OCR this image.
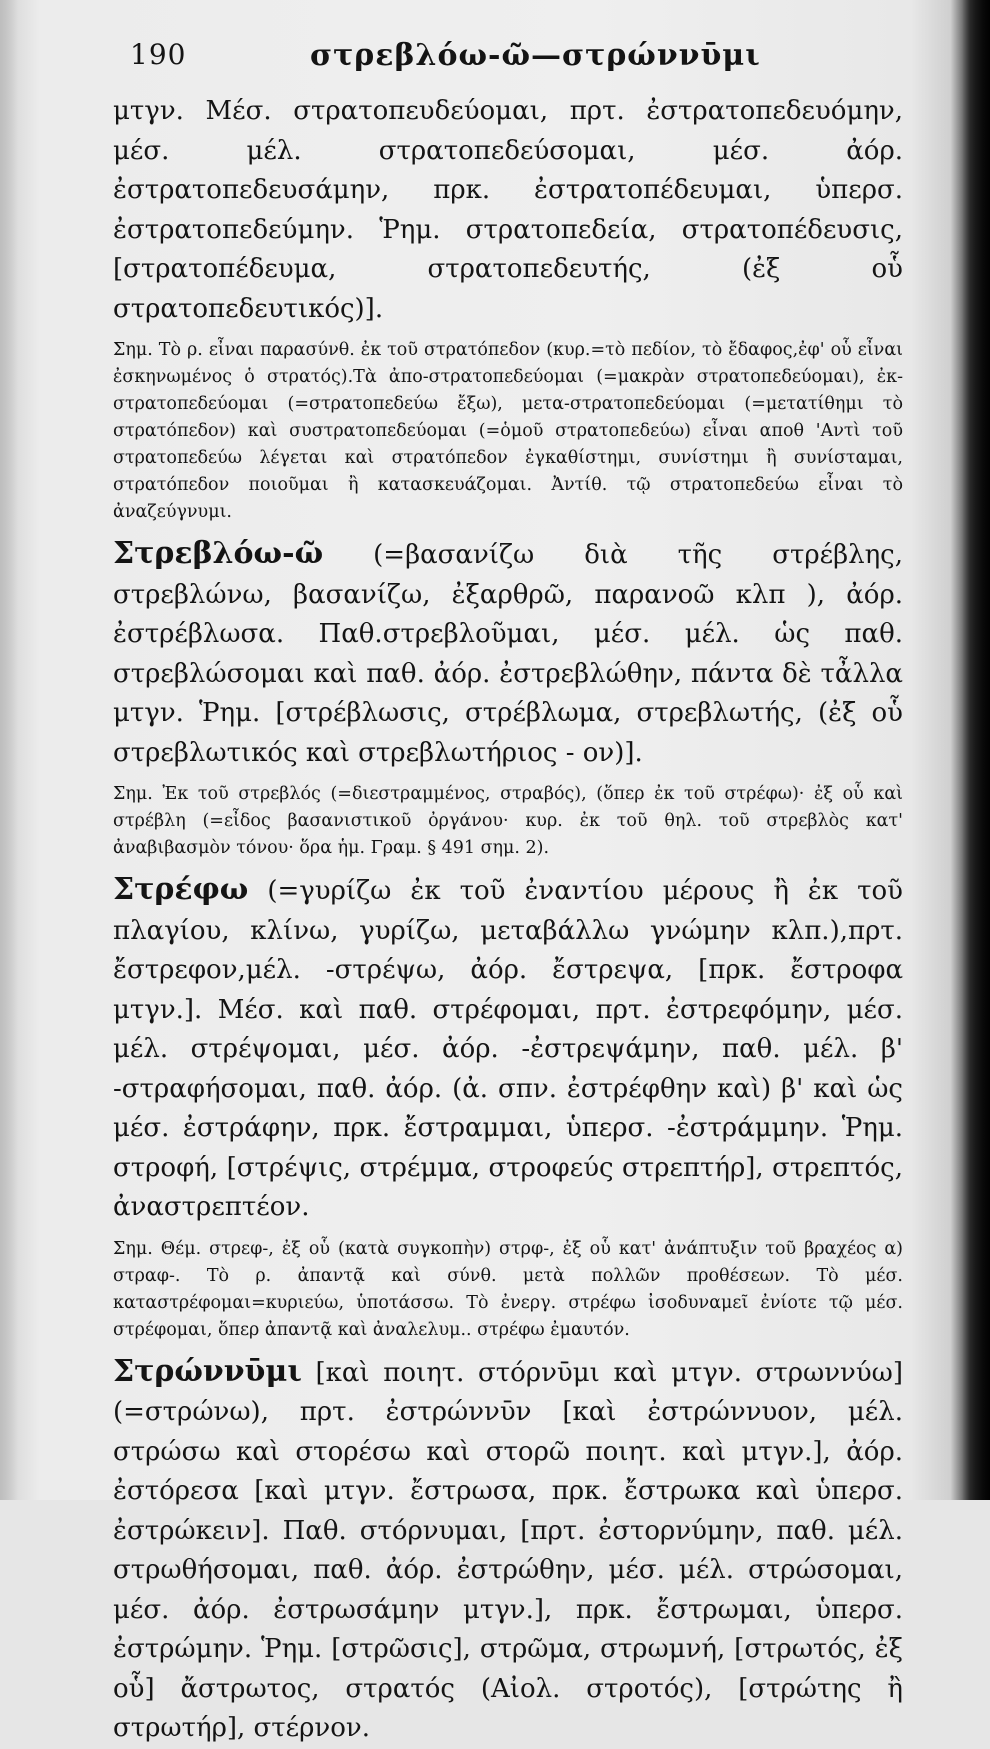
190	στρεβλόω-ῶ—στρώννῡμι

μτγν. Μέσ. στρατοπευδεύομαι, πρτ. ἐστρατοπεδευόμην, μέσ. μέλ. στρατοπεδεύσομαι, μέσ. ἀόρ. ἐστρατοπεδευσάμην, πρκ. ἐστρατοπέδευμαι, ὑπερσ. ἐστρατοπεδεύμην. Ῥημ. στρατοπεδεία, στρατοπέδευσις, [στρατοπέδευμα, στρατοπεδευτής, (ἐξ οὗ στρατοπεδευτικός)].

Σημ. Τὸ ρ. εἶναι παρασύνθ. ἐκ τοῦ στρατόπεδον (κυρ.=τὸ πεδίον, τὸ ἔδαφος,ἐφ' οὗ εἶναι ἐσκηνωμένος ὁ στρατός).Τὰ ἀπο-στρατοπεδεύομαι (=μακρὰν στρατοπεδεύομαι), ἐκ-στρατοπεδεύομαι (=στρατοπεδεύω ἔξω), μετα-στρατοπεδεύομαι (=μετατίθημι τὸ στρατόπεδον) καὶ συστρατοπεδεύομαι (=ὁμοῦ στρατοπεδεύω) εἶναι αποθ 'Αντὶ τοῦ στρατοπεδεύω λέγεται καὶ στρατόπεδον ἐγκαθίστημι, συνίστημι ἢ συνίσταμαι, στρατόπεδον ποιοῦμαι ἢ κατασκευάζομαι. Ἀντίθ. τῷ στρατοπεδεύω εἶναι τὸ ἀναζεύγνυμι.

Στρεβλόω-ῶ (=βασανίζω διὰ τῆς στρέβλης, στρεβλώνω, βασανίζω, ἐξαρθρῶ, παρανοῶ κλπ ), ἀόρ. ἐστρέβλωσα. Παθ.στρεβλοῦμαι, μέσ. μέλ. ὡς παθ. στρεβλώσομαι καὶ παθ. ἀόρ. ἐστρεβλώθην, πάντα δὲ τἆλλα μτγν. Ῥημ. [στρέβλωσις, στρέβλωμα, στρεβλωτής, (ἐξ οὗ στρεβλωτικός καὶ στρεβλωτήριος - ον)].

Σημ. Ἐκ τοῦ στρεβλός (=διεστραμμένος, στραβός), (ὅπερ ἐκ τοῦ στρέφω)· ἐξ οὗ καὶ στρέβλη (=εἶδος βασανιστικοῦ ὀργάνου· κυρ. ἐκ τοῦ θηλ. τοῦ στρεβλὸς κατ' ἀναβιβασμὸν τόνου· ὅρα ἡμ. Γραμ. § 491 σημ. 2).

Στρέφω (=γυρίζω ἐκ τοῦ ἐναντίου μέρους ἢ ἐκ τοῦ πλαγίου, κλίνω, γυρίζω, μεταβάλλω γνώμην κλπ.),πρτ. ἔστρεφον,μέλ. -στρέψω, ἀόρ. ἔστρεψα, [πρκ. ἔστροφα μτγν.]. Μέσ. καὶ παθ. στρέφομαι, πρτ. ἐστρεφόμην, μέσ. μέλ. στρέψομαι, μέσ. ἀόρ. -ἐστρεψάμην, παθ. μέλ. β' -στραφήσομαι, παθ. ἀόρ. (ἀ. σπν. ἐστρέφθην καὶ) β' καὶ ὡς μέσ. ἐστράφην, πρκ. ἔστραμμαι, ὑπερσ. -ἐστράμμην. Ῥημ. στροφή, [στρέψις, στρέμμα, στροφεύς στρεπτήρ], στρεπτός, ἀναστρεπτέον.

Σημ. Θέμ. στρεφ-, ἐξ οὗ (κατὰ συγκοπὴν) στρφ-, ἐξ οὗ κατ' ἀνάπτυξιν τοῦ βραχέος α) στραφ-. Τὸ ρ. ἀπαντᾷ καὶ σύνθ. μετὰ πολλῶν προθέσεων. Τὸ μέσ. καταστρέφομαι=κυριεύω, ὑποτάσσω. Τὸ ἐνεργ. στρέφω ἰσοδυναμεῖ ἐνίοτε τῷ μέσ. στρέφομαι, ὅπερ ἀπαντᾷ καὶ ἀναλελυμ.. στρέφω ἐμαυτόν.

Στρώννῡμι [καὶ ποιητ. στόρνῡμι καὶ μτγν. στρωννύω] (=στρώνω), πρτ. ἐστρώννῡν [καὶ ἐστρώννυον, μέλ. στρώσω καὶ στορέσω καὶ στορῶ ποιητ. καὶ μτγν.], ἀόρ. ἐστόρεσα [καὶ μτγν. ἔστρωσα, πρκ. ἔστρωκα καὶ ὑπερσ. ἐστρώκειν]. Παθ. στόρνυμαι, [πρτ. ἐστορνύμην, παθ. μέλ. στρωθήσομαι, παθ. ἀόρ. ἐστρώθην, μέσ. μέλ. στρώσομαι, μέσ. ἀόρ. ἐστρωσάμην μτγν.], πρκ. ἔστρωμαι, ὑπερσ. ἐστρώμην. Ῥημ. [στρῶσις], στρῶμα, στρωμνή, [στρωτός, ἐξ οὗ] ἄστρωτος, στρατός (Αἰολ. στροτός), [στρώτης ἢ στρωτήρ], στέρνον.
